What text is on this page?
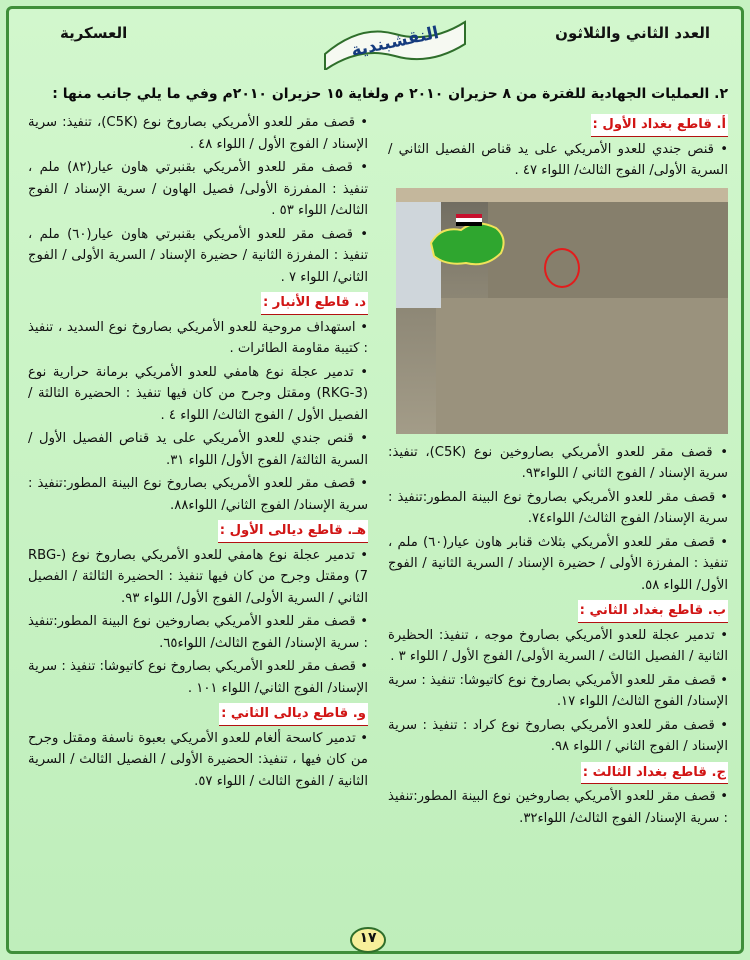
العدد الثاني والثلاثون
العسكرية	النقشبندية
٢. العمليات الجهادية للفترة من ٨ حزيران ٢٠١٠ م ولغاية ١٥ حزيران ٢٠١٠م وفي ما يلي جانب منها :
أ. قاطع بغداد الأول :
• قنص جندي للعدو الأمريكي على يد قناص الفصيل الثاني / السرية الأولى/ الفوج الثالث/ اللواء ٤٧ .
• قصف مقر للعدو الأمريكي بصاروخين نوع (C5K)، تنفيذ: سرية الإسناد / الفوج الثاني / اللواء٩٣.
• قصف مقر للعدو الأمريكي بصاروخ نوع البينة المطور:تنفيذ : سرية الإسناد/ الفوج الثالث/ اللواء٧٤.
• قصف مقر للعدو الأمريكي بثلاث قنابر هاون عيار(٦٠) ملم ، تنفيذ : المفرزة الأولى / حضيرة الإسناد / السرية الثانية / الفوج الأول/ اللواء ٥٨.
ب. قاطع بغداد الثاني :
• تدمير عجلة للعدو الأمريكي بصاروخ موجه ، تنفيذ: الحظيرة الثانية / الفصيل الثالث / السرية الأولى/ الفوج الأول / اللواء ٣ .
• قصف مقر للعدو الأمريكي بصاروخ نوع كاتيوشا: تنفيذ : سرية الإسناد/ الفوج الثالث/ اللواء ١٧.
• قصف مقر للعدو الأمريكي بصاروخ نوع كراد : تنفيذ : سرية الإسناد / الفوج الثاني / اللواء ٩٨.
ج. قاطع بغداد الثالث :
• قصف مقر للعدو الأمريكي بصاروخين نوع البينة المطور:تنفيذ : سرية الإسناد/ الفوج الثالث/ اللواء٣٢.
• قصف مقر للعدو الأمريكي بصاروخ نوع (C5K)، تنفيذ: سرية الإسناد / الفوج الأول / اللواء ٤٨ .
• قصف مقر للعدو الأمريكي بقنبرتي هاون عيار(٨٢) ملم ، تنفيذ : المفرزة الأولى/ فصيل الهاون / سرية الإسناد / الفوج الثالث/ اللواء ٥٣ .
• قصف مقر للعدو الأمريكي بقنبرتي هاون عيار(٦٠) ملم ، تنفيذ : المفرزة الثانية / حضيرة الإسناد / السرية الأولى / الفوج الثاني/ اللواء ٧ .
د. قاطع الأنبار :
• استهداف مروحية للعدو الأمريكي بصاروخ نوع السديد ، تنفيذ : كتيبة مقاومة الطائرات .
• تدمير عجلة نوع هامفي للعدو الأمريكي برمانة حرارية نوع (RKG-3) ومقتل وجرح من كان فيها تنفيذ : الحضيرة الثالثة / الفصيل الأول / الفوج الثالث/ اللواء ٤ .
• قنص جندي للعدو الأمريكي على يد قناص الفصيل الأول / السرية الثالثة/ الفوج الأول/ اللواء ٣١.
• قصف مقر للعدو الأمريكي بصاروخ نوع البينة المطور:تنفيذ : سرية الإسناد/ الفوج الثاني/ اللواء٨٨.
هـ. قاطع ديالى الأول :
• تدمير عجلة نوع هامفي للعدو الأمريكي بصاروخ نوع (RBG-7) ومقتل وجرح من كان فيها تنفيذ : الحضيرة الثالثة / الفصيل الثاني / السرية الأولى/ الفوج الأول/ اللواء ٩٣.
• قصف مقر للعدو الأمريكي بصاروخين نوع البينة المطور:تنفيذ : سرية الإسناد/ الفوج الثالث/ اللواء٦٥.
• قصف مقر للعدو الأمريكي بصاروخ نوع كاتيوشا: تنفيذ : سرية الإسناد/ الفوج الثاني/ اللواء ١٠١ .
و. قاطع ديالى الثاني :
• تدمير كاسحة ألغام للعدو الأمريكي بعبوة ناسفة ومقتل وجرح من كان فيها ، تنفيذ: الحضيرة الأولى / الفصيل الثالث / السرية الثانية / الفوج الثالث / اللواء ٥٧.
١٧
